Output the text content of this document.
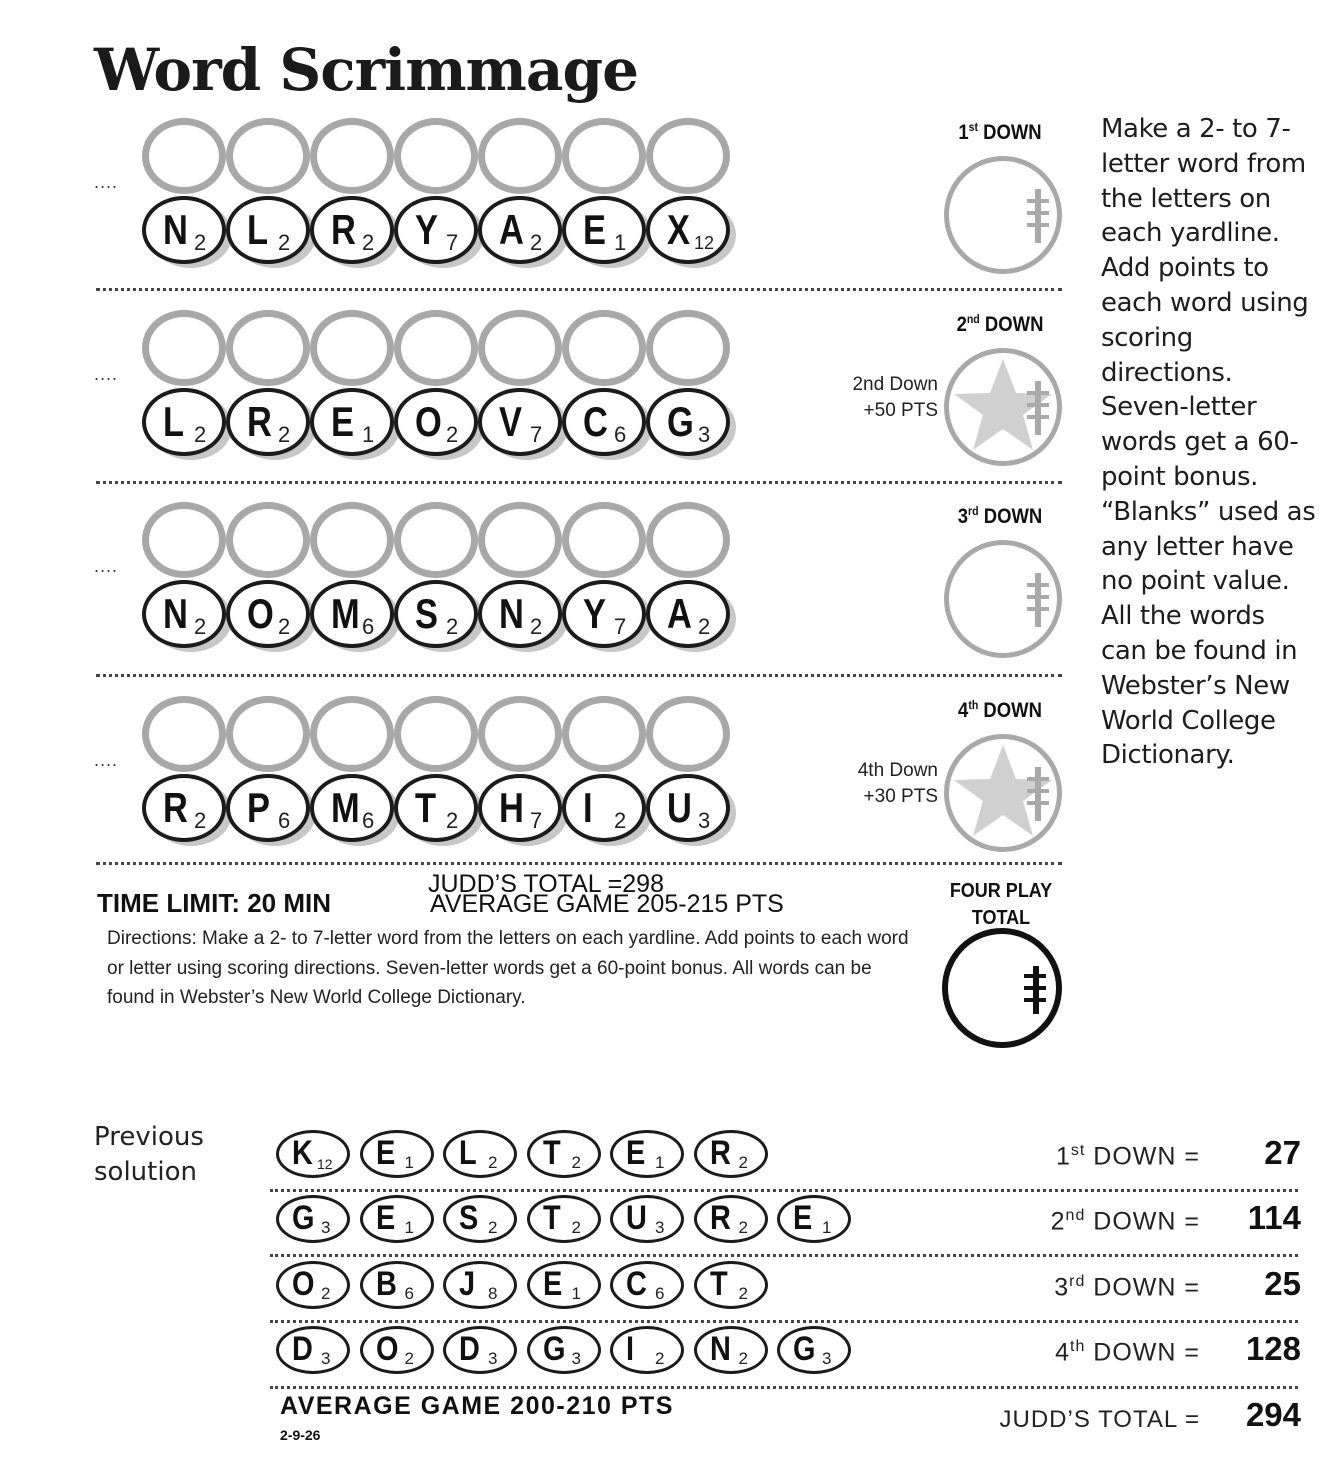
Word Scrimmage
....
N 2 L 2 R 2 Y 7 A 2 E 1 X 12
1st DOWN
....
L 2 R 2 E 1 O 2 V 7 C 6 G 3
2nd DOWN
2nd Down
+50 PTS
....
N 2 O 2 M 6 S 2 N 2 Y 7 A 2
3rd DOWN
....
R 2 P 6 M 6 T 2 H 7 I 2 U 3
4th DOWN
4th Down
+30 PTS
Make a 2- to 7-letter word from the letters on each yardline. Add points to each word using scoring directions. Seven-letter words get a 60-point bonus. “Blanks” used as any letter have no point value. All the words can be found in Webster’s New World College Dictionary.
TIME LIMIT: 20 MIN
JUDD’S TOTAL =298
AVERAGE GAME 205-215 PTS
Directions: Make a 2- to 7-letter word from the letters on each yardline. Add points to each word or letter using scoring directions. Seven-letter words get a 60-point bonus. All words can be found in Webster’s New World College Dictionary.
FOUR PLAY
TOTAL
Previous
solution	K 12 E 1 L 2 T 2 E 1 R 2	1st DOWN = 27
G 3 E 1 S 2 T 2 U 3 R 2 E 1	2nd DOWN = 114
O 2 B 6 J 8 E 1 C 6 T 2	3rd DOWN = 25
D 3 O 2 D 3 G 3 I 2 N 2 G 3	4th DOWN = 128
AVERAGE GAME 200-210 PTS
2-9-26
JUDD’S TOTAL = 294
